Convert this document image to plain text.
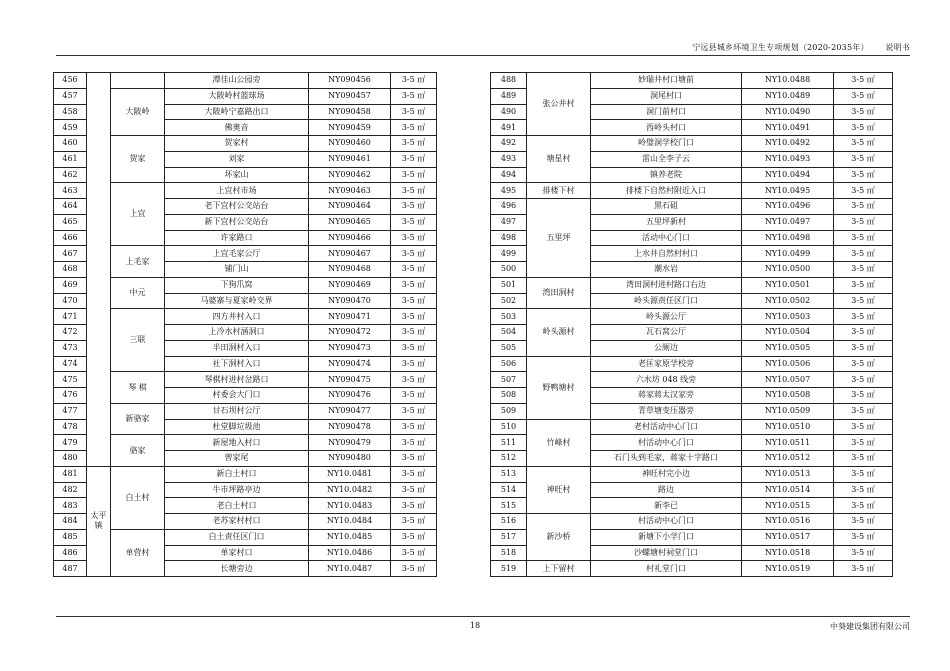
宁远县城乡环境卫生专项规划（2020-2035年） 说明书
456			潭佳山公园旁	NY090456	3-5 ㎡
457		大陂岭	大陂岭村篮球场	NY090457	3-5 ㎡
458			大陂岭宁嘉路出口	NY090458	3-5 ㎡
459			佛奥音	NY090459	3-5 ㎡
460		贺家	贺家村	NY090460	3-5 ㎡
461			刘家	NY090461	3-5 ㎡
462			坏家山	NY090462	3-5 ㎡
463		上宜	上宜村市场	NY090463	3-5 ㎡
464			老下宜村公交站台	NY090464	3-5 ㎡
465			新下宜村公交站台	NY090465	3-5 ㎡
466			许家路口	NY090466	3-5 ㎡
467		上毛家	上宜毛家公厅	NY090467	3-5 ㎡
468			铺门山	NY090468	3-5 ㎡
469		中元	下狗爪窝	NY090469	3-5 ㎡
470			马婆寨与夏家岭交界	NY090470	3-5 ㎡
471		三联	四方井村入口	NY090471	3-5 ㎡
472			上冷水村涵洞口	NY090472	3-5 ㎡
473			半田洞村入口	NY090473	3-5 ㎡
474			社下洞村入口	NY090474	3-5 ㎡
475		琴 棋	琴棋村进村岔路口	NY090475	3-5 ㎡
476			村委会大门口	NY090476	3-5 ㎡
477		新骆家	甘石坝村公厅	NY090477	3-5 ㎡
478			杜堂脚垃圾池	NY090478	3-5 ㎡
479		骆家	新屋地入村口	NY090479	3-5 ㎡
480			曾家尾	NY090480	3-5 ㎡
481	太平镇	白土村	新白土村口	NY10.0481	3-5 ㎡
482			牛市坪路亭边	NY10.0482	3-5 ㎡
483			老白土村口	NY10.0483	3-5 ㎡
484			老苏家村村口	NY10.0484	3-5 ㎡
485		单营村	白土责任区门口	NY10.0485	3-5 ㎡
486			单家村口	NY10.0486	3-5 ㎡
487			长塘旁边	NY10.0487	3-5 ㎡
488	张公井村	妙瑞井村口塘前	NY10.0488	3-5 ㎡
489		洞尾村口	NY10.0489	3-5 ㎡
490		洞门前村口	NY10.0490	3-5 ㎡
491		西岭头村口	NY10.0491	3-5 ㎡
492	塘星村	岭璧洞学校门口	NY10.0492	3-5 ㎡
493		雷山全李子云	NY10.0493	3-5 ㎡
494		镇养老院	NY10.0494	3-5 ㎡
495	排楼下村	排楼下自然村附近入口	NY10.0495	3-5 ㎡
496	五里坪	黑石砠	NY10.0496	3-5 ㎡
497		五里坪新村	NY10.0497	3-5 ㎡
498		活动中心门口	NY10.0498	3-5 ㎡
499		上水井自然村村口	NY10.0499	3-5 ㎡
500		潮水岩	NY10.0500	3-5 ㎡
501	湾田洞村	湾田洞村进村路口右边	NY10.0501	3-5 ㎡
502		岭头源责任区门口	NY10.0502	3-5 ㎡
503	岭头源村	岭头源公厅	NY10.0503	3-5 ㎡
504		瓦石窝公厅	NY10.0504	3-5 ㎡
505		公厕边	NY10.0505	3-5 ㎡
506	野鸭塘村	老匡家原学校旁	NY10.0506	3-5 ㎡
507		六水坊 048 线旁	NY10.0507	3-5 ㎡
508		蒋家蒋太汉家旁	NY10.0508	3-5 ㎡
509		青草塘变压器旁	NY10.0509	3-5 ㎡
510	竹峰村	老村活动中心门口	NY10.0510	3-5 ㎡
511		村活动中心门口	NY10.0511	3-5 ㎡
512		石门头到毛家，蒋家十字路口	NY10.0512	3-5 ㎡
513	神旺村	神旺村完小边	NY10.0513	3-5 ㎡
514		路边	NY10.0514	3-5 ㎡
515		新李已	NY10.0515	3-5 ㎡
516	新沙桥	村活动中心门口	NY10.0516	3-5 ㎡
517		新塘下小学门口	NY10.0517	3-5 ㎡
518		沙螺塘村祠堂门口	NY10.0518	3-5 ㎡
519	上下留村	村礼堂门口	NY10.0519	3-5 ㎡
18	中葵建设集团有限公司
